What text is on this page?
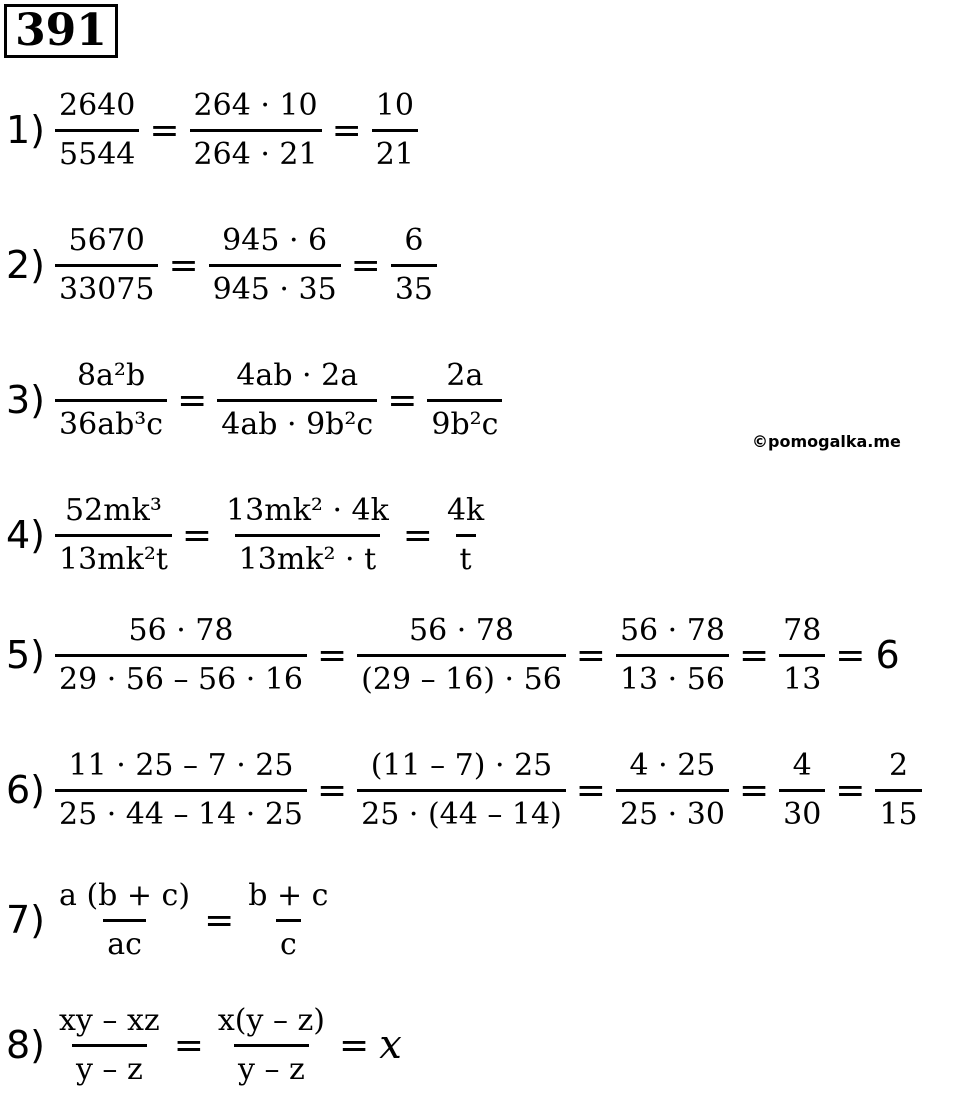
391
©pomogalka.me
$1) \frac{2640}{5544} = \frac{264 \cdot 10}{264 \cdot 21} = \frac{10}{21}$
$2) \frac{5670}{33075} = \frac{945 \cdot 6}{945 \cdot 35} = \frac{6}{35}$
$3) \frac{\text{8a²b}}{\text{36ab³c}} = \frac{4ab \cdot 2a}{\text{4ab · 9b²c}} = \frac{2a}{\text{9b²c}}$
$4) \frac{\text{52mk³}}{\text{13mk²t}} = \frac{\text{13mk² · 4k}}{\text{13mk² · t}} = \frac{4k}{t}$
$5) \frac{56 \cdot 78}{29 \cdot 56 - 56 \cdot 16} = \frac{56 \cdot 78}{(29 - 16) \cdot 56} = \frac{56 \cdot 78}{13 \cdot 56} = \frac{78}{13} = 6$
$6) \frac{11 \cdot 25 - 7 \cdot 25}{25 \cdot 44 - 14 \cdot 25} = \frac{(11 - 7) \cdot 25}{25 \cdot (44 - 14)} = \frac{4 \cdot 25}{25 \cdot 30} = \frac{4}{30} = \frac{2}{15}$
$7) \frac{a (b + c)}{ac} = \frac{b + c}{c}$
$8) \frac{xy - xz}{y - z} = \frac{x(y - z)}{y - z} = x$
